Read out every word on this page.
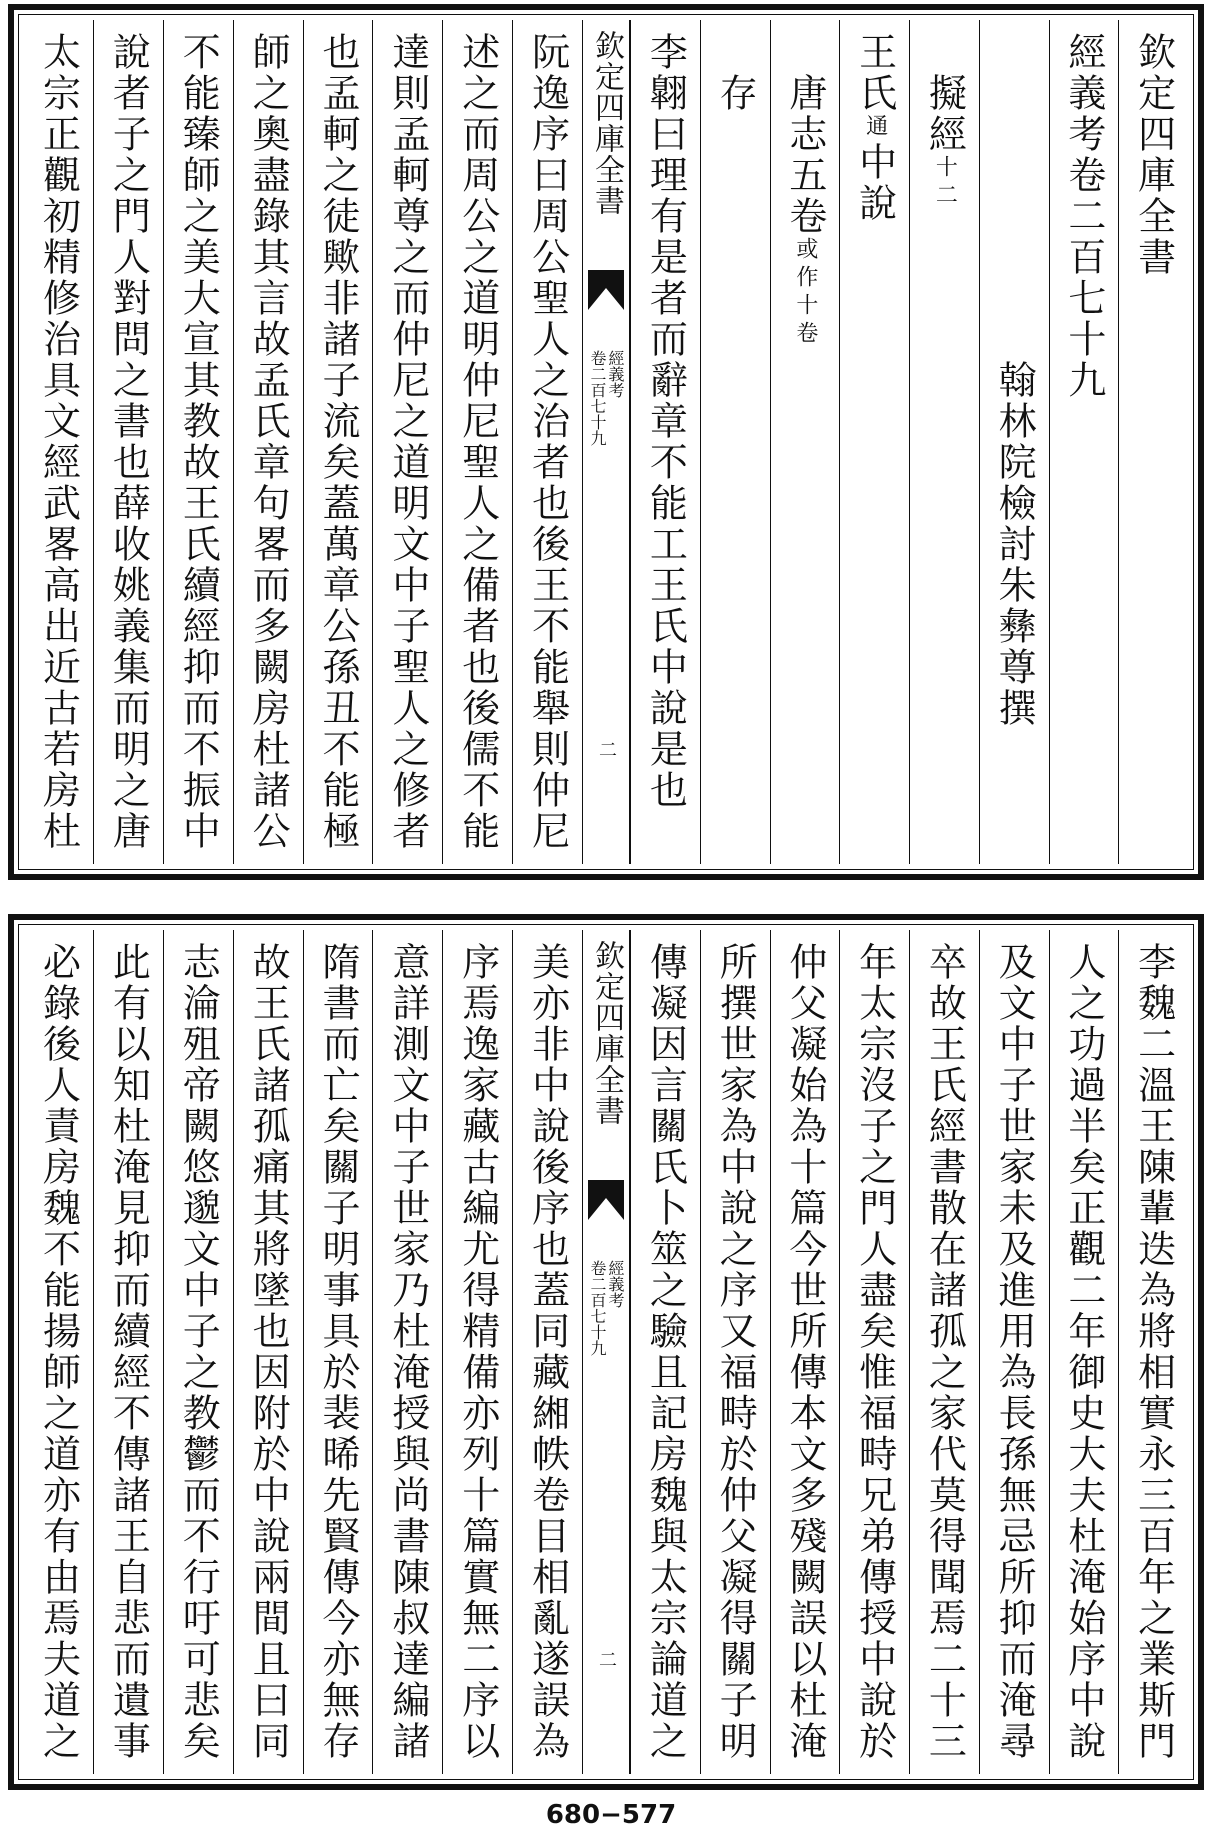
阮逸序曰周公聖人之治者也後王不能舉則仲尼
述之而周公之道明仲尼聖人之備者也後儒不能
達則孟軻尊之而仲尼之道明文中子聖人之修者
也孟軻之徒歟非諸子流矣蓋萬章公孫丑不能極
師之奧盡錄其言故孟氏章句畧而多闕房杜諸公
不能臻師之美大宣其教故王氏續經抑而不振中
說者子之門人對問之書也薛收姚義集而明之唐
太宗正觀初精修治具文經武畧高出近古若房杜	欽定四庫全書
經義考
卷二百七十九
二
欽定四庫全書
經義考卷二百七十九
　　　　　　　　翰林院檢討朱彝尊撰
　擬經十二
王氏通中說
　唐志五卷或作十卷
　存
李翺曰理有是者而辭章不能工王氏中說是也
美亦非中說後序也蓋同藏緗帙卷目相亂遂誤為
序焉逸家藏古編尤得精備亦列十篇實無二序以
意詳測文中子世家乃杜淹授與尚書陳叔達編諸
隋書而亡矣關子明事具於裴晞先賢傳今亦無存
故王氏諸孤痛其將墜也因附於中說兩間且曰同
志淪殂帝闕悠邈文中子之教鬱而不行吁可悲矣
此有以知杜淹見抑而續經不傳諸王自悲而遺事
必錄後人責房魏不能揚師之道亦有由焉夫道之	欽定四庫全書
經義考
卷二百七十九
二	李魏二溫王陳輩迭為將相實永三百年之業斯門
人之功過半矣正觀二年御史大夫杜淹始序中說
及文中子世家未及進用為長孫無忌所抑而淹尋
卒故王氏經書散在諸孤之家代莫得聞焉二十三
年太宗沒子之門人盡矣惟福畤兄弟傳授中說於
仲父凝始為十篇今世所傳本文多殘闕誤以杜淹
所撰世家為中說之序又福畤於仲父凝得關子明
傳凝因言關氏卜筮之驗且記房魏與太宗論道之
680−577
